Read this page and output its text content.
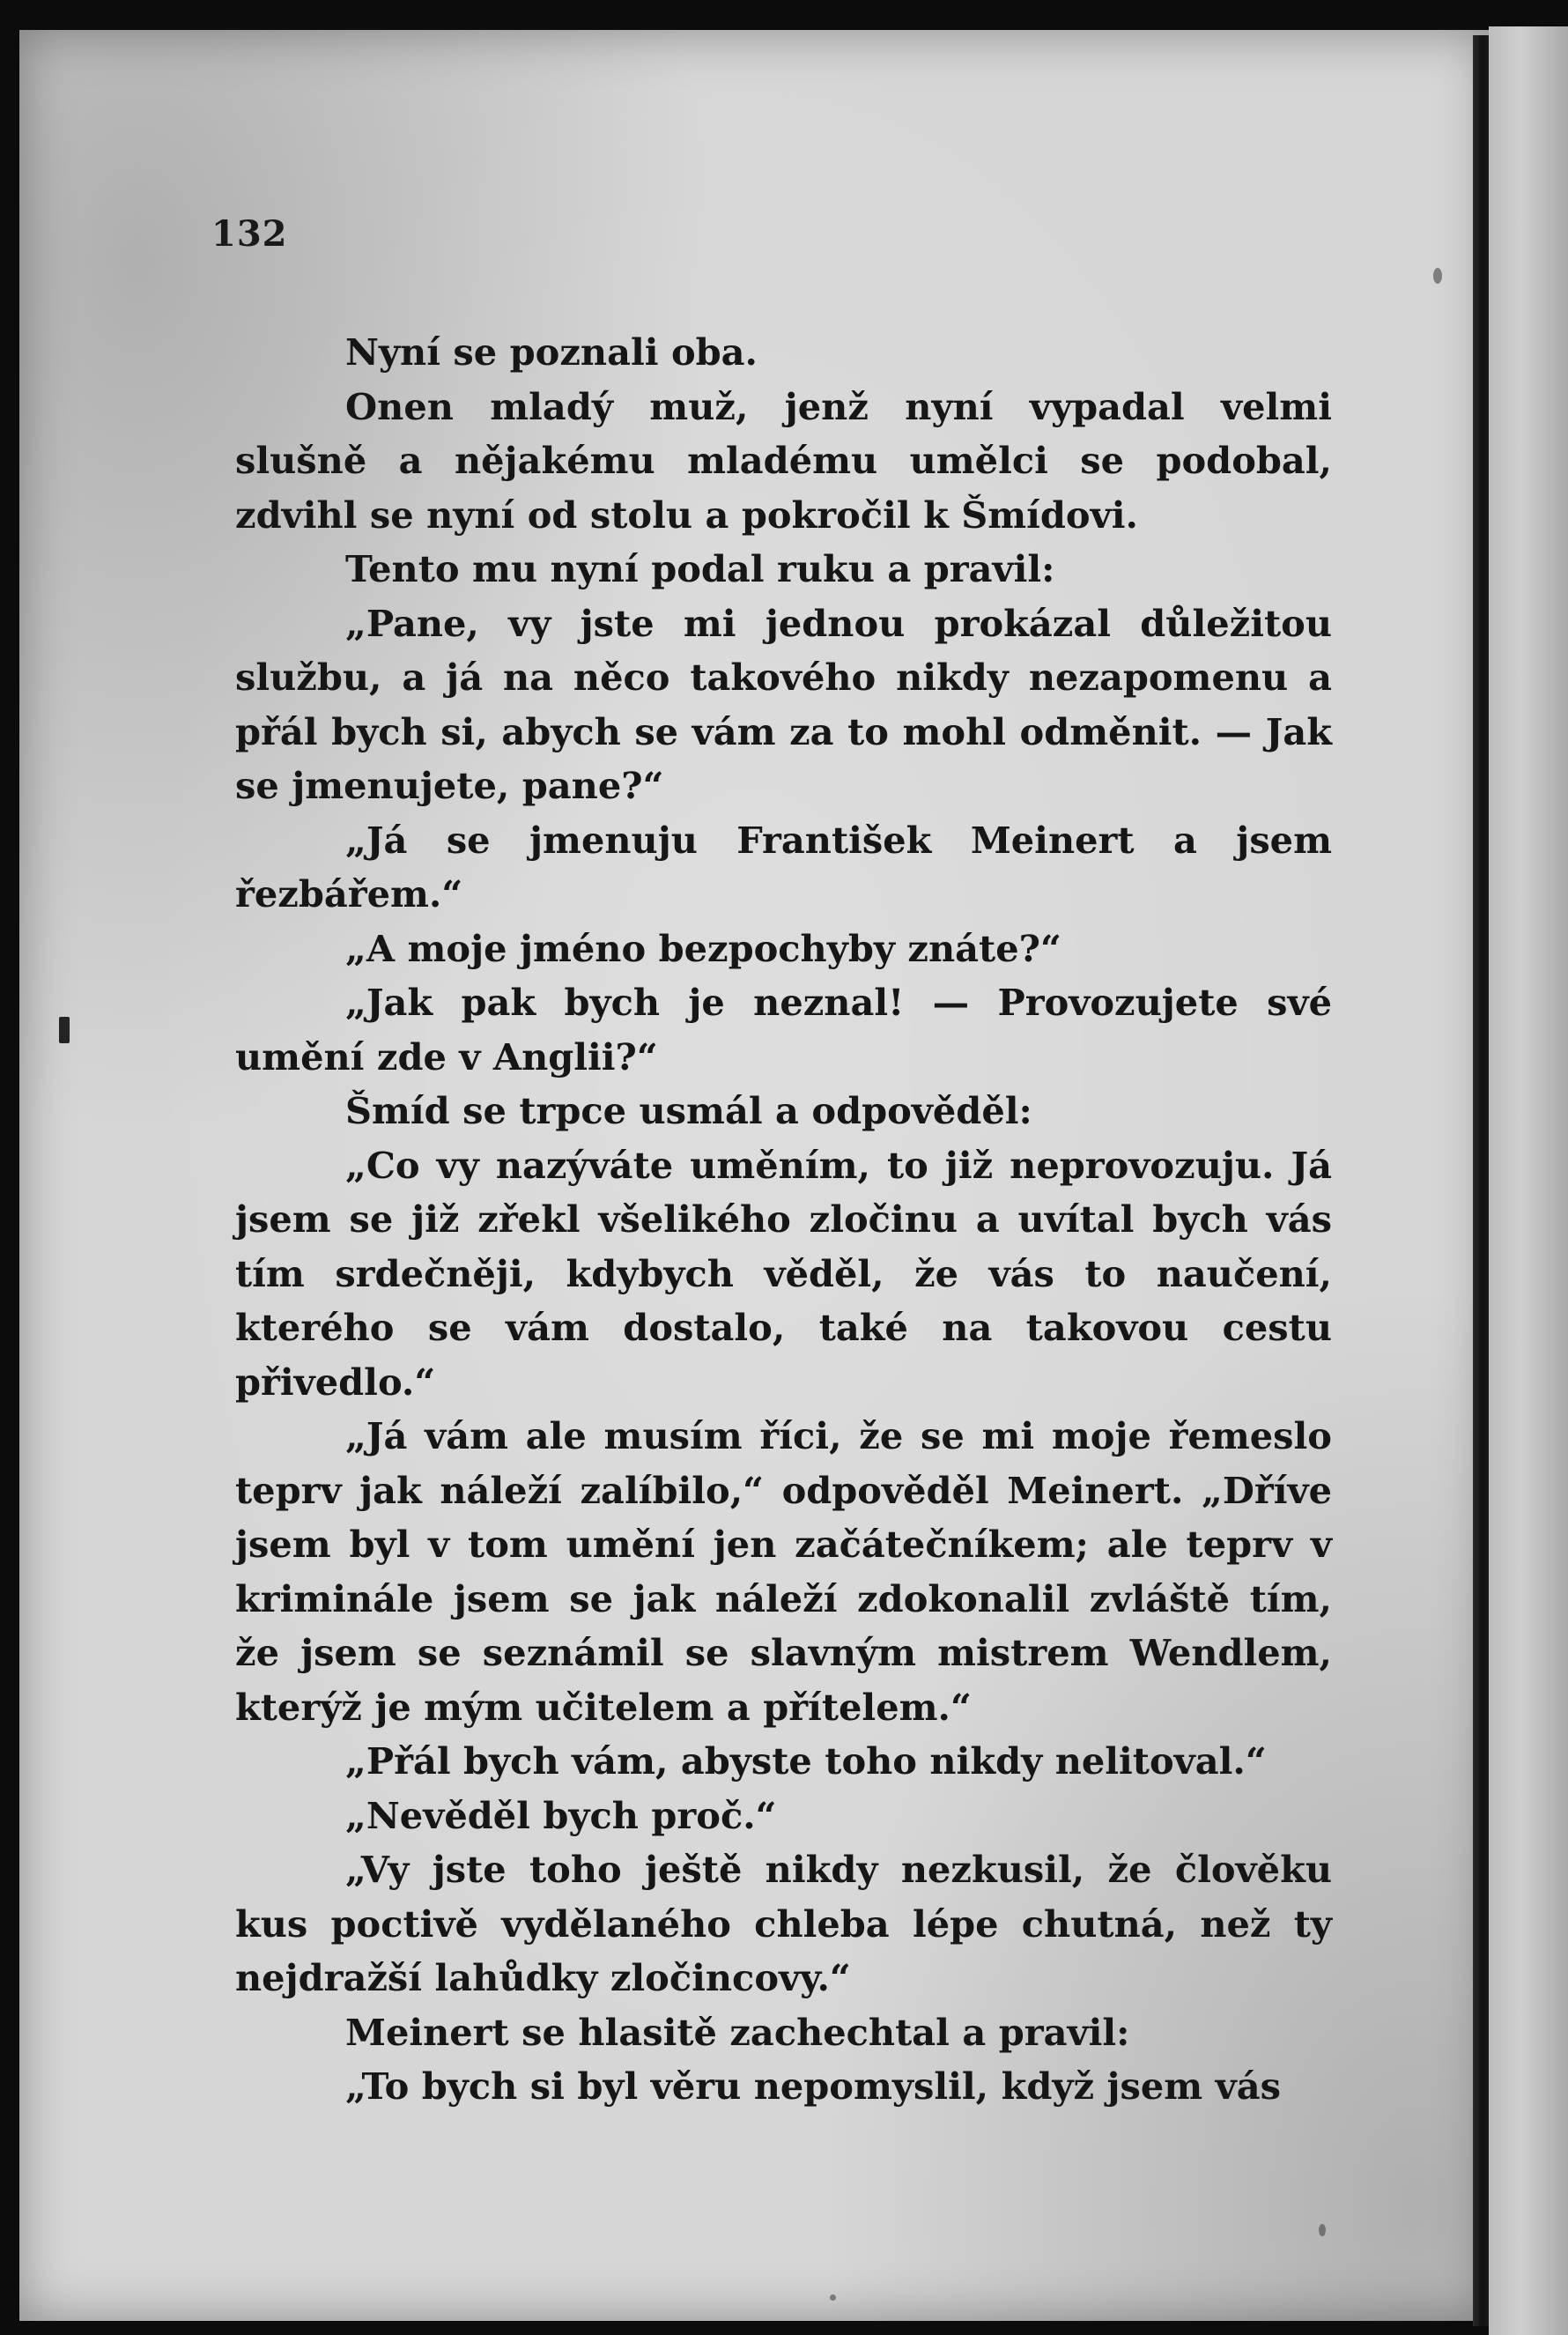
132

Nyní se poznali oba.

Onen mladý muž, jenž nyní vypadal velmi slušně a nějakému mladému umělci se podobal, zdvihl se nyní od stolu a pokročil k Šmídovi.

Tento mu nyní podal ruku a pravil:

„Pane, vy jste mi jednou prokázal důležitou službu, a já na něco takového nikdy nezapomenu a přál bych si, abych se vám za to mohl odměnit. — Jak se jmenujete, pane?“

„Já se jmenuju František Meinert a jsem řezbářem.“

„A moje jméno bezpochyby znáte?“

„Jak pak bych je neznal! — Provozujete své umění zde v Anglii?“

Šmíd se trpce usmál a odpověděl:

„Co vy nazýváte uměním, to již neprovozuju. Já jsem se již zřekl všelikého zločinu a uvítal bych vás tím srdečněji, kdybych věděl, že vás to naučení, kterého se vám dostalo, také na takovou cestu přivedlo.“

„Já vám ale musím říci, že se mi moje řemeslo teprv jak náleží zalíbilo,“ odpověděl Meinert. „Dříve jsem byl v tom umění jen začátečníkem; ale teprv v kriminále jsem se jak náleží zdokonalil zvláště tím, že jsem se seznámil se slavným mistrem Wendlem, kterýž je mým učitelem a přítelem.“

„Přál bych vám, abyste toho nikdy nelitoval.“

„Nevěděl bych proč.“

„Vy jste toho ještě nikdy nezkusil, že člověku kus poctivě vydělaného chleba lépe chutná, než ty nejdražší lahůdky zločincovy.“

Meinert se hlasitě zachechtal a pravil:

„To bych si byl věru nepomyslil, když jsem vás
